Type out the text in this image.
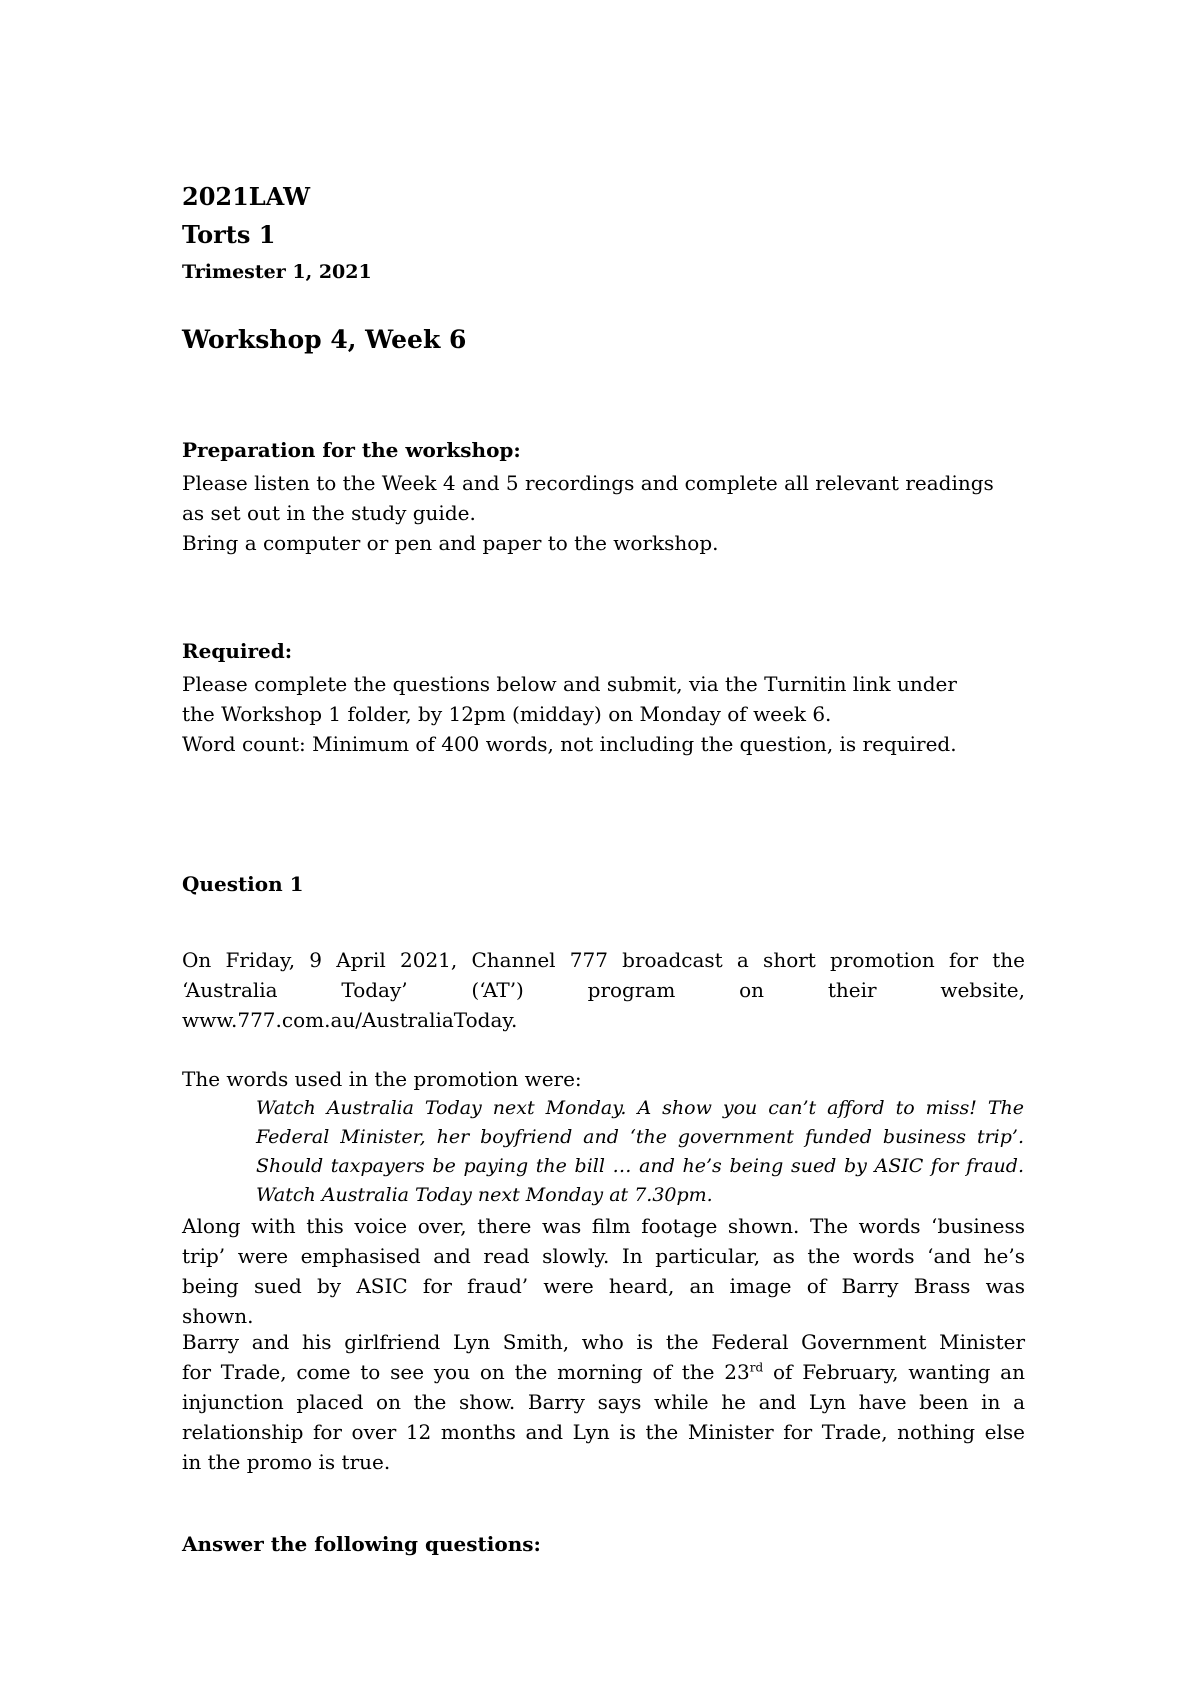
2021LAW
Torts 1
Trimester 1, 2021
Workshop 4, Week 6
Preparation for the workshop:
Please listen to the Week 4 and 5 recordings and complete all relevant readings
as set out in the study guide.
Bring a computer or pen and paper to the workshop.
Required:
Please complete the questions below and submit, via the Turnitin link under
the Workshop 1 folder, by 12pm (midday) on Monday of week 6.
Word count: Minimum of 400 words, not including the question, is required.
Question 1
On Friday, 9 April 2021, Channel 777 broadcast a short promotion for the
‘Australia Today’ (‘AT’) program on their website,
www.777.com.au/AustraliaToday.
The words used in the promotion were:
Watch Australia Today next Monday. A show you can’t afford to miss! The
Federal Minister, her boyfriend and ‘the government funded business trip’.
Should taxpayers be paying the bill … and he’s being sued by ASIC for fraud.
Watch Australia Today next Monday at 7.30pm.
Along with this voice over, there was film footage shown. The words ‘business
trip’ were emphasised and read slowly. In particular, as the words ‘and he’s
being sued by ASIC for fraud’ were heard, an image of Barry Brass was
shown.
Barry and his girlfriend Lyn Smith, who is the Federal Government Minister
for Trade, come to see you on the morning of the 23rd of February, wanting an
injunction placed on the show. Barry says while he and Lyn have been in a
relationship for over 12 months and Lyn is the Minister for Trade, nothing else
in the promo is true.
Answer the following questions:
